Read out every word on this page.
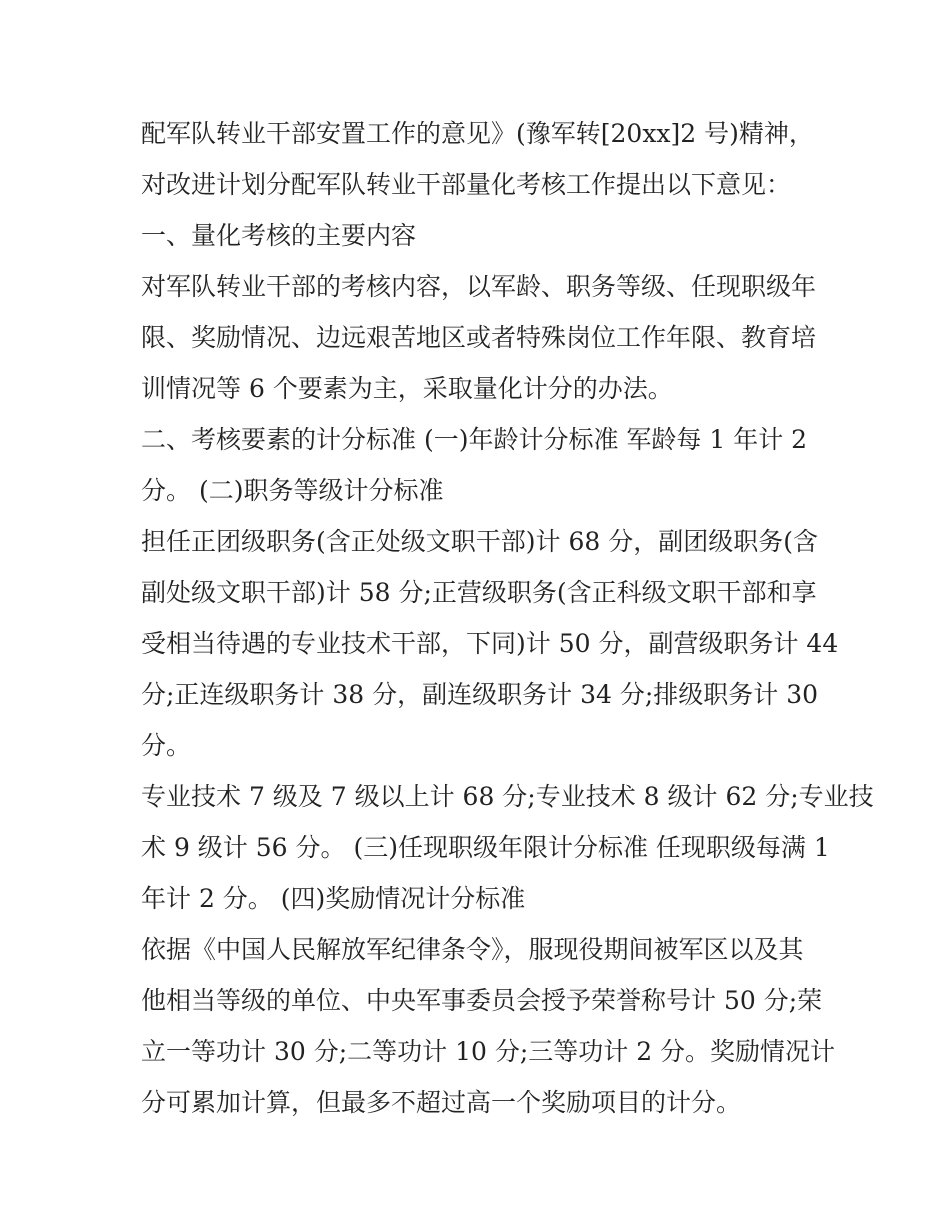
配军队转业干部安置工作的意见》(豫军转[20xx]2 号)精神，
对改进计划分配军队转业干部量化考核工作提出以下意见：
一、量化考核的主要内容
对军队转业干部的考核内容，以军龄、职务等级、任现职级年
限、奖励情况、边远艰苦地区或者特殊岗位工作年限、教育培
训情况等 6 个要素为主，采取量化计分的办法。
二、考核要素的计分标准 (一)年龄计分标准 军龄每 1 年计 2
分。 (二)职务等级计分标准
担任正团级职务(含正处级文职干部)计 68 分，副团级职务(含
副处级文职干部)计 58 分;正营级职务(含正科级文职干部和享
受相当待遇的专业技术干部，下同)计 50 分，副营级职务计 44
分;正连级职务计 38 分，副连级职务计 34 分;排级职务计 30
分。
专业技术 7 级及 7 级以上计 68 分;专业技术 8 级计 62 分;专业技
术 9 级计 56 分。 (三)任现职级年限计分标准 任现职级每满 1
年计 2 分。 (四)奖励情况计分标准
依据《中国人民解放军纪律条令》，服现役期间被军区以及其
他相当等级的单位、中央军事委员会授予荣誉称号计 50 分;荣
立一等功计 30 分;二等功计 10 分;三等功计 2 分。奖励情况计
分可累加计算，但最多不超过高一个奖励项目的计分。
